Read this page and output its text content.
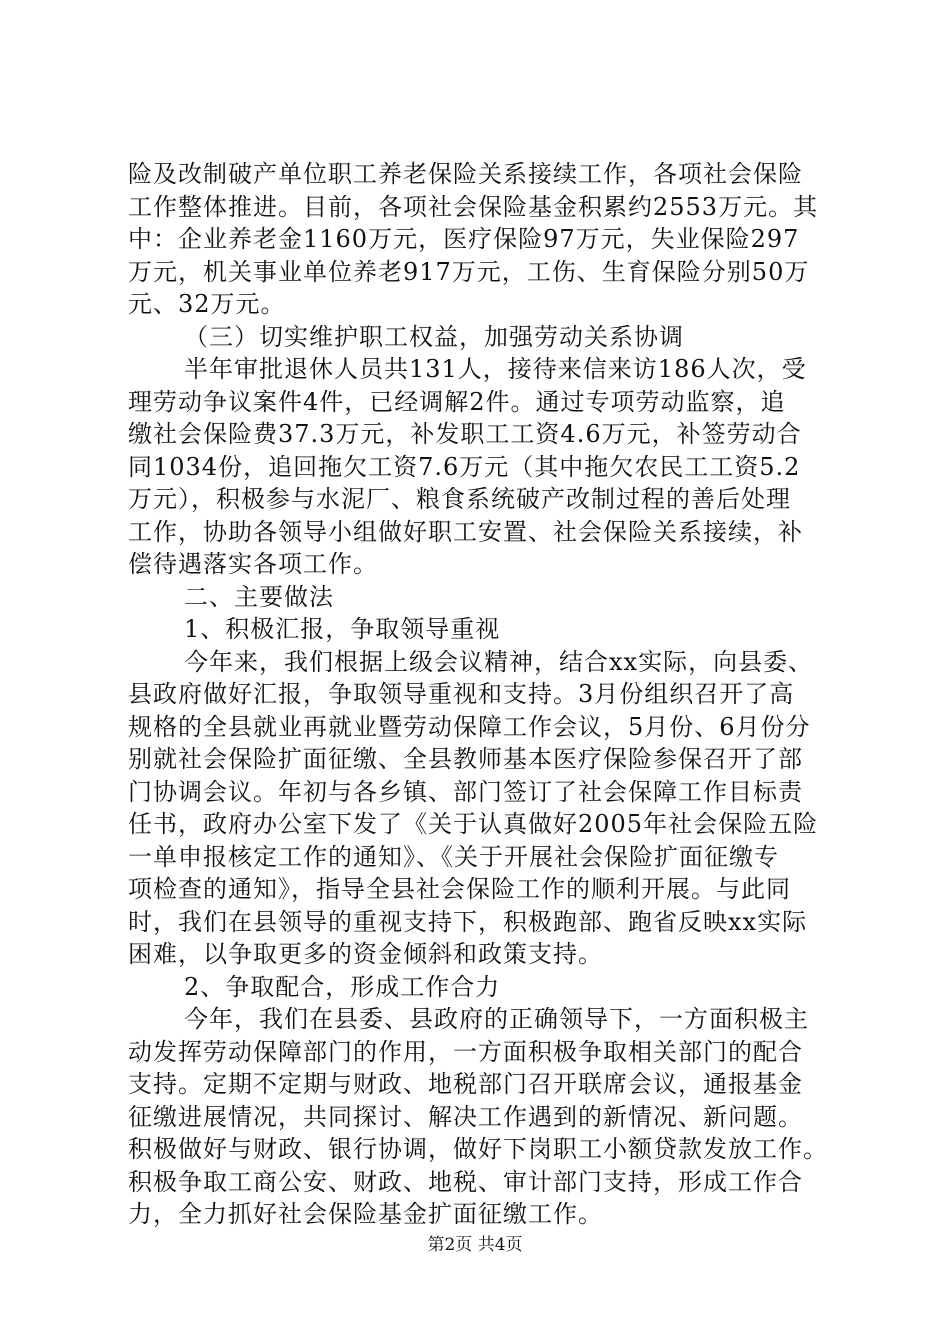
险及改制破产单位职工养老保险关系接续工作，各项社会保险
工作整体推进。目前，各项社会保险基金积累约2553万元。其
中：企业养老金1160万元，医疗保险97万元，失业保险297
万元，机关事业单位养老917万元，工伤、生育保险分别50万
元、32万元。
（三）切实维护职工权益，加强劳动关系协调
半年审批退休人员共131人，接待来信来访186人次，受
理劳动争议案件4件，已经调解2件。通过专项劳动监察，追
缴社会保险费37.3万元，补发职工工资4.6万元，补签劳动合
同1034份，追回拖欠工资7.6万元（其中拖欠农民工工资5.2
万元），积极参与水泥厂、粮食系统破产改制过程的善后处理
工作，协助各领导小组做好职工安置、社会保险关系接续，补
偿待遇落实各项工作。
二、主要做法
1、积极汇报，争取领导重视
今年来，我们根据上级会议精神，结合xx实际，向县委、
县政府做好汇报，争取领导重视和支持。3月份组织召开了高
规格的全县就业再就业暨劳动保障工作会议，5月份、6月份分
别就社会保险扩面征缴、全县教师基本医疗保险参保召开了部
门协调会议。年初与各乡镇、部门签订了社会保障工作目标责
任书，政府办公室下发了《关于认真做好2005年社会保险五险
一单申报核定工作的通知》、《关于开展社会保险扩面征缴专
项检查的通知》，指导全县社会保险工作的顺利开展。与此同
时，我们在县领导的重视支持下，积极跑部、跑省反映xx实际
困难，以争取更多的资金倾斜和政策支持。
2、争取配合，形成工作合力
今年，我们在县委、县政府的正确领导下，一方面积极主
动发挥劳动保障部门的作用，一方面积极争取相关部门的配合
支持。定期不定期与财政、地税部门召开联席会议，通报基金
征缴进展情况，共同探讨、解决工作遇到的新情况、新问题。
积极做好与财政、银行协调，做好下岗职工小额贷款发放工作。
积极争取工商公安、财政、地税、审计部门支持，形成工作合
力，全力抓好社会保险基金扩面征缴工作。
第2页 共4页
